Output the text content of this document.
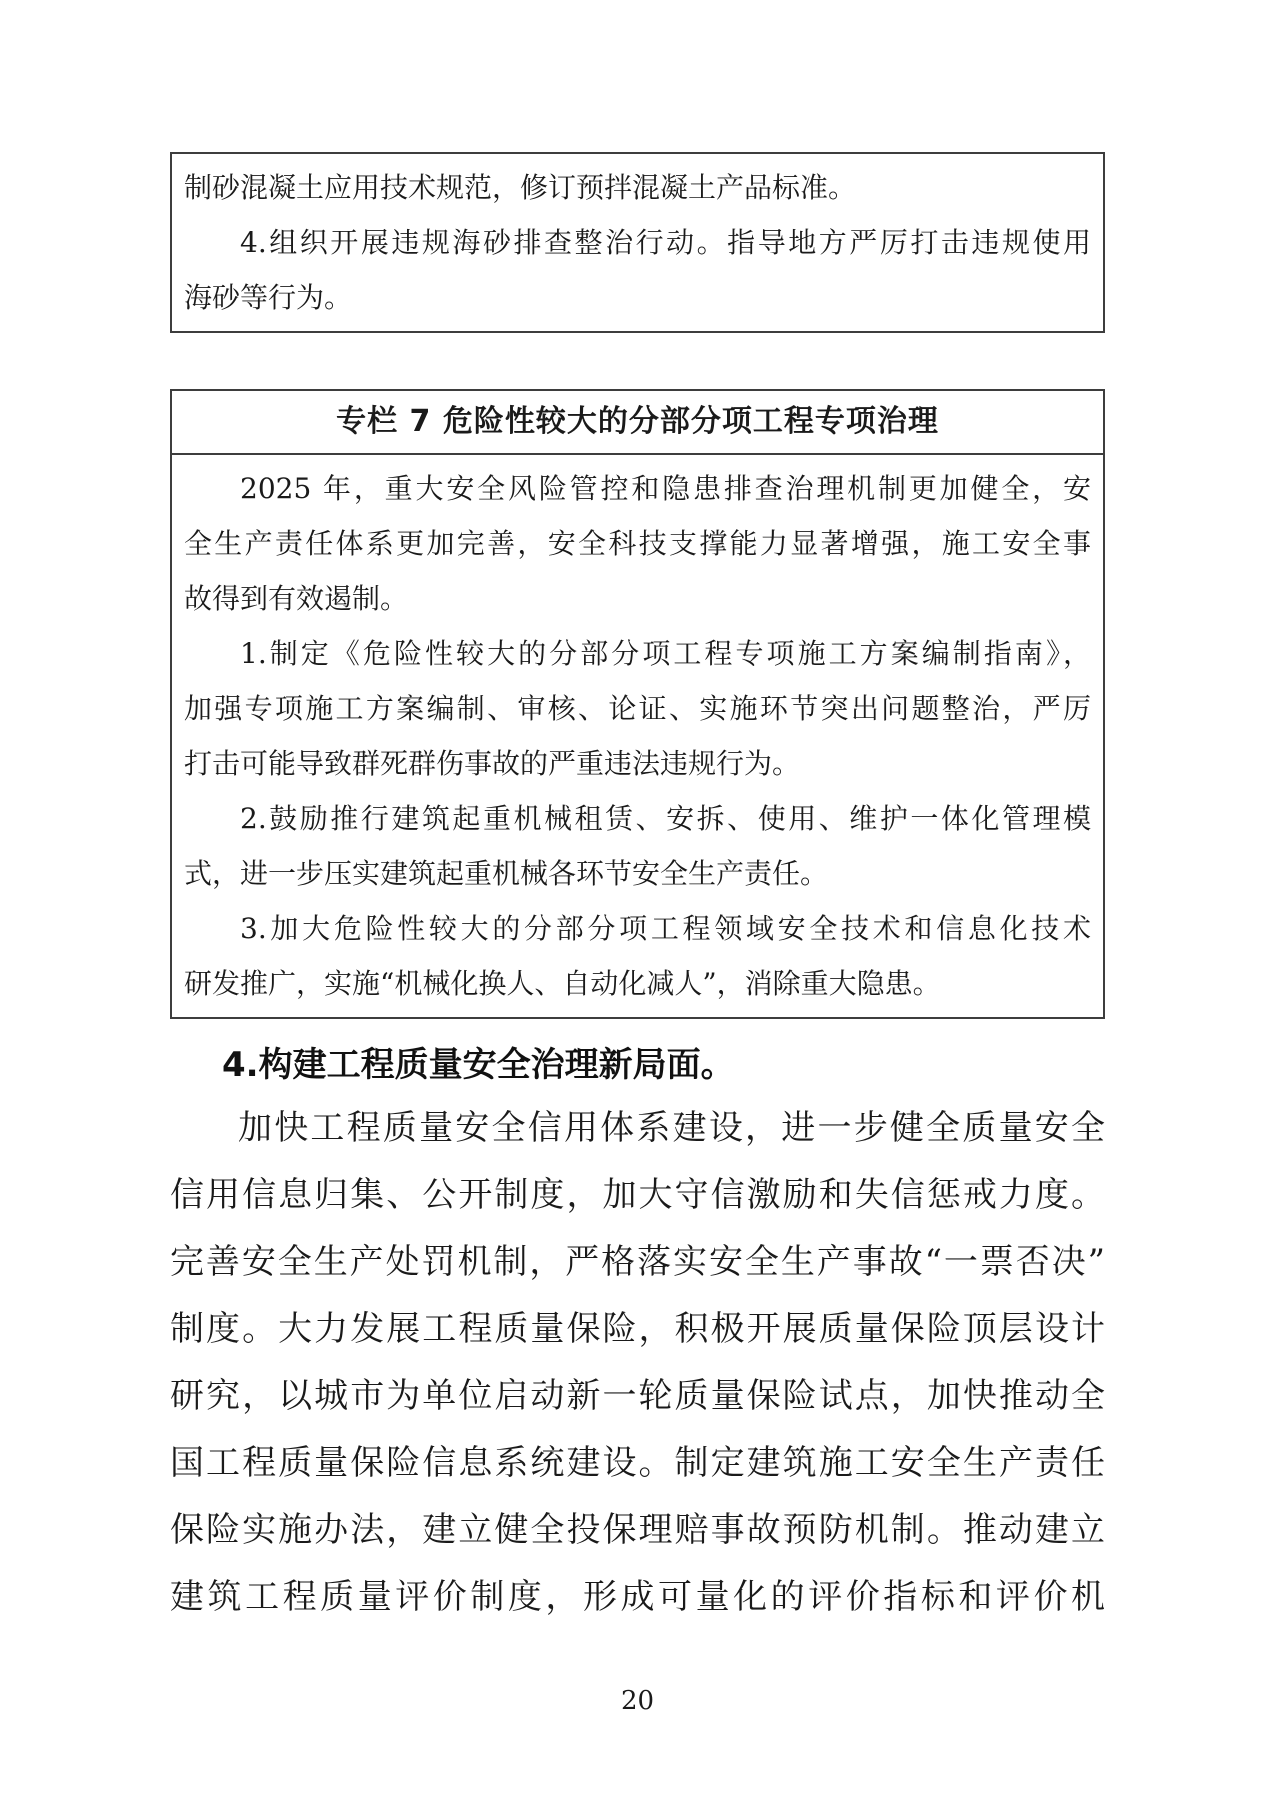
制砂混凝土应用技术规范，修订预拌混凝土产品标准。
4.组织开展违规海砂排查整治行动。指导地方严厉打击违规使用
海砂等行为。
专栏 7 危险性较大的分部分项工程专项治理
2025 年，重大安全风险管控和隐患排查治理机制更加健全，安
全生产责任体系更加完善，安全科技支撑能力显著增强，施工安全事
故得到有效遏制。
1.制定《危险性较大的分部分项工程专项施工方案编制指南》，
加强专项施工方案编制、审核、论证、实施环节突出问题整治，严厉
打击可能导致群死群伤事故的严重违法违规行为。
2.鼓励推行建筑起重机械租赁、安拆、使用、维护一体化管理模
式，进一步压实建筑起重机械各环节安全生产责任。
3.加大危险性较大的分部分项工程领域安全技术和信息化技术
研发推广，实施“机械化换人、自动化减人”，消除重大隐患。
4.构建工程质量安全治理新局面。
加快工程质量安全信用体系建设，进一步健全质量安全
信用信息归集、公开制度，加大守信激励和失信惩戒力度。
完善安全生产处罚机制，严格落实安全生产事故“一票否决”
制度。大力发展工程质量保险，积极开展质量保险顶层设计
研究，以城市为单位启动新一轮质量保险试点，加快推动全
国工程质量保险信息系统建设。制定建筑施工安全生产责任
保险实施办法，建立健全投保理赔事故预防机制。推动建立
建筑工程质量评价制度，形成可量化的评价指标和评价机
20
